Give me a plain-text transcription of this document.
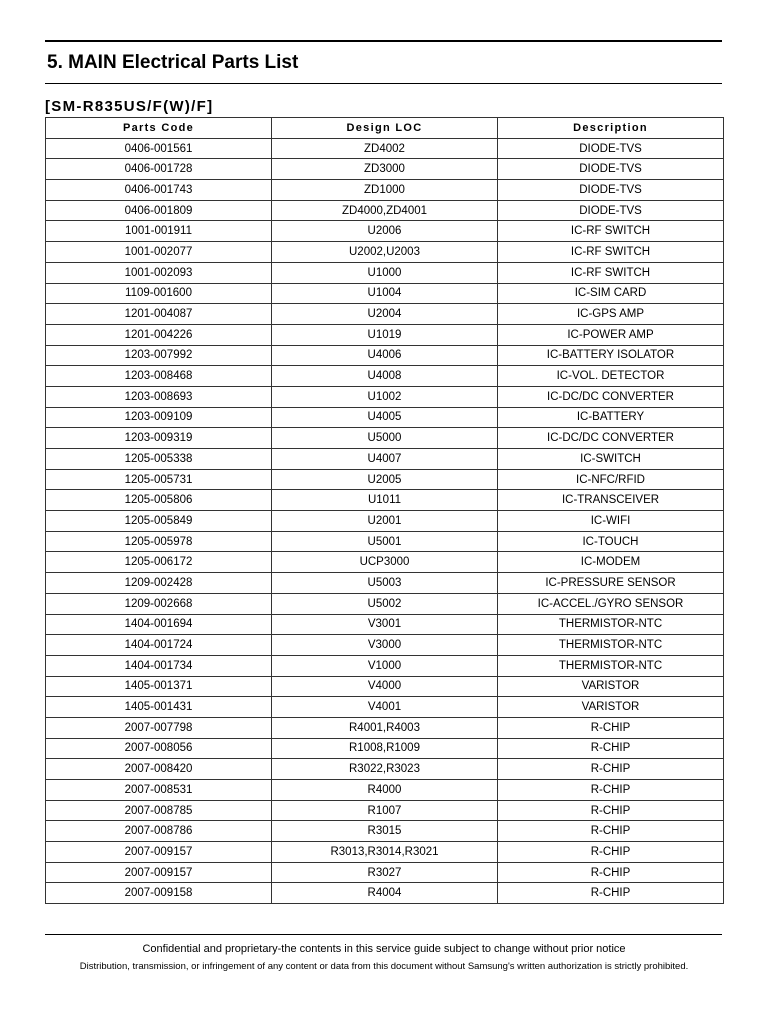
5. MAIN Electrical Parts List
[SM-R835US/F(W)/F]
Parts Code	Design LOC	Description
0406-001561	ZD4002	DIODE-TVS
0406-001728	ZD3000	DIODE-TVS
0406-001743	ZD1000	DIODE-TVS
0406-001809	ZD4000,ZD4001	DIODE-TVS
1001-001911	U2006	IC-RF SWITCH
1001-002077	U2002,U2003	IC-RF SWITCH
1001-002093	U1000	IC-RF SWITCH
1109-001600	U1004	IC-SIM CARD
1201-004087	U2004	IC-GPS AMP
1201-004226	U1019	IC-POWER AMP
1203-007992	U4006	IC-BATTERY ISOLATOR
1203-008468	U4008	IC-VOL. DETECTOR
1203-008693	U1002	IC-DC/DC CONVERTER
1203-009109	U4005	IC-BATTERY
1203-009319	U5000	IC-DC/DC CONVERTER
1205-005338	U4007	IC-SWITCH
1205-005731	U2005	IC-NFC/RFID
1205-005806	U1011	IC-TRANSCEIVER
1205-005849	U2001	IC-WIFI
1205-005978	U5001	IC-TOUCH
1205-006172	UCP3000	IC-MODEM
1209-002428	U5003	IC-PRESSURE SENSOR
1209-002668	U5002	IC-ACCEL./GYRO SENSOR
1404-001694	V3001	THERMISTOR-NTC
1404-001724	V3000	THERMISTOR-NTC
1404-001734	V1000	THERMISTOR-NTC
1405-001371	V4000	VARISTOR
1405-001431	V4001	VARISTOR
2007-007798	R4001,R4003	R-CHIP
2007-008056	R1008,R1009	R-CHIP
2007-008420	R3022,R3023	R-CHIP
2007-008531	R4000	R-CHIP
2007-008785	R1007	R-CHIP
2007-008786	R3015	R-CHIP
2007-009157	R3013,R3014,R3021	R-CHIP
2007-009157	R3027	R-CHIP
2007-009158	R4004	R-CHIP
Confidential and proprietary-the contents in this service guide subject to change without prior notice
Distribution, transmission, or infringement of any content or data from this document without Samsung's written authorization is strictly prohibited.
